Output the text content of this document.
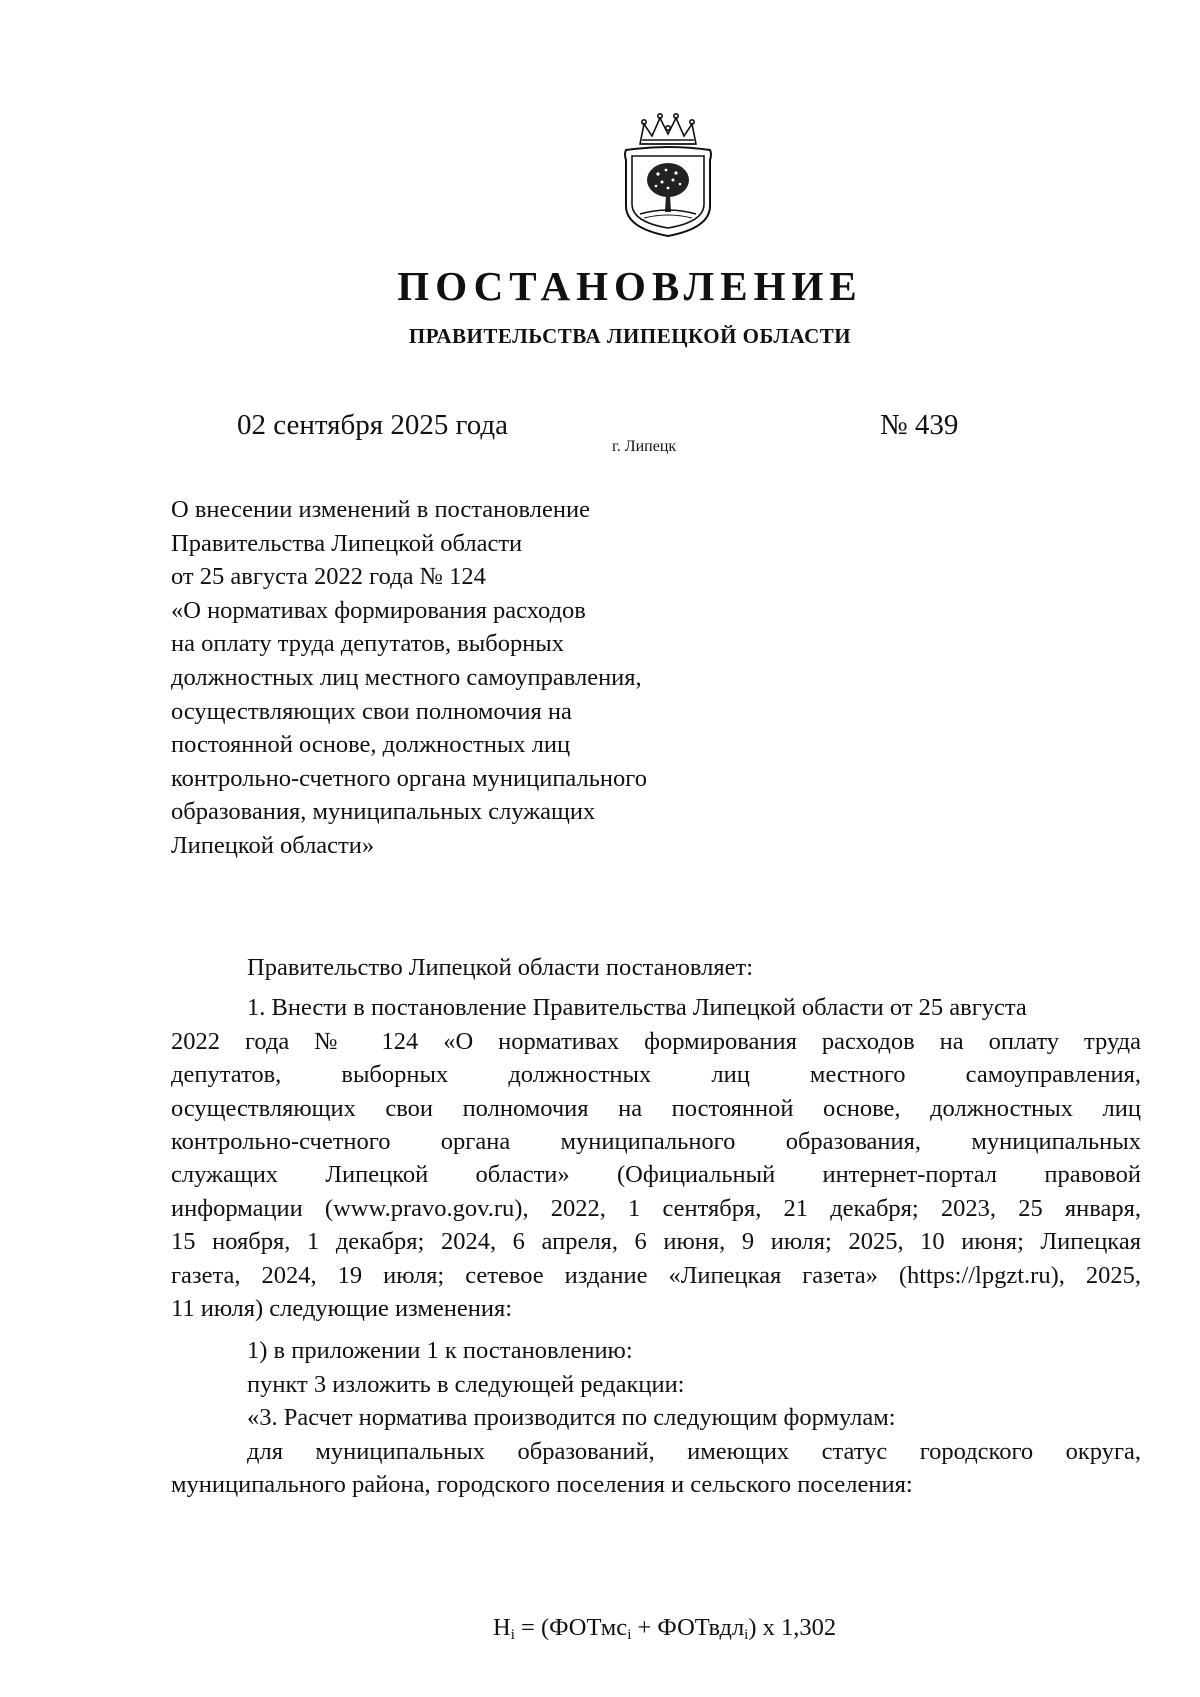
ПОСТАНОВЛЕНИЕ
ПРАВИТЕЛЬСТВА ЛИПЕЦКОЙ ОБЛАСТИ
02 сентября 2025 года
г. Липецк
№ 439
О внесении изменений в постановление
Правительства Липецкой области
от 25 августа 2022 года № 124
«О нормативах формирования расходов
на оплату труда депутатов, выборных
должностных лиц местного самоуправления,
осуществляющих свои полномочия на
постоянной основе, должностных лиц
контрольно-счетного органа муниципального
образования, муниципальных служащих
Липецкой области»
Правительство Липецкой области постановляет:
1. Внести в постановление Правительства Липецкой области от 25 августа
2022 года № 124 «О нормативах формирования расходов на оплату труда
депутатов, выборных должностных лиц местного самоуправления,
осуществляющих свои полномочия на постоянной основе, должностных лиц
контрольно-счетного органа муниципального образования, муниципальных
служащих Липецкой области» (Официальный интернет-портал правовой
информации (www.pravo.gov.ru), 2022, 1 сентября, 21 декабря; 2023, 25 января,
15 ноября, 1 декабря; 2024, 6 апреля, 6 июня, 9 июля; 2025, 10 июня; Липецкая
газета, 2024, 19 июля; сетевое издание «Липецкая газета» (https://lpgzt.ru), 2025,
11 июля) следующие изменения:
1) в приложении 1 к постановлению:
пункт 3 изложить в следующей редакции:
«3. Расчет норматива производится по следующим формулам:
для муниципальных образований, имеющих статус городского округа,
муниципального района, городского поселения и сельского поселения:
$Н_i$ = (ФОТмс$_i$ + ФОТвдл$_i$) x 1,302
